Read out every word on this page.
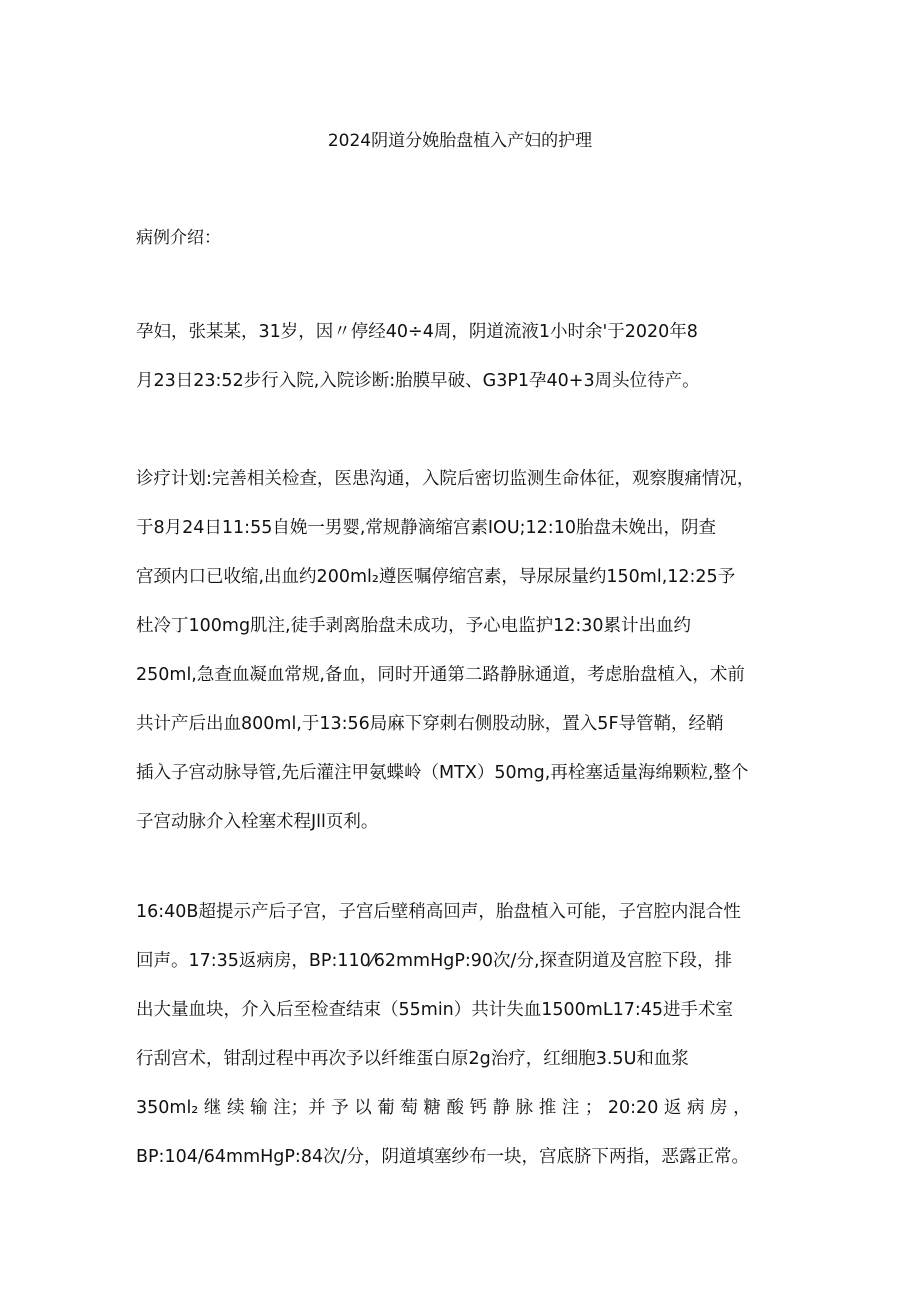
2024阴道分娩胎盘植入产妇的护理
病例介绍：
孕妇，张某某，31岁，因〃停经40÷4周，阴道流液1小时余'于2020年8
月23日23:52步行入院,入院诊断:胎膜早破、G3P1孕40+3周头位待产。
诊疗计划:完善相关检查，医患沟通，入院后密切监测生命体征，观察腹痛情况，
于8月24日11:55自娩一男婴,常规静滴缩宫素IOU;12:10胎盘未娩出，阴查
宫颈内口已收缩,出血约200ml₂遵医嘱停缩宫素，导尿尿量约150ml,12:25予
杜冷丁100mg肌注,徒手剥离胎盘未成功，予心电监护12:30累计出血约
250ml,急查血凝血常规,备血，同时开通第二路静脉通道，考虑胎盘植入，术前
共计产后出血800ml,于13:56局麻下穿刺右侧股动脉，置入5F导管鞘，经鞘
插入子宫动脉导管,先后灌注甲氨蝶岭（MTX）50mg,再栓塞适量海绵颗粒,整个
子宫动脉介入栓塞术程Jll页利。
16:40B超提示产后子宫，子宫后壁稍高回声，胎盘植入可能，子宫腔内混合性
回声。17:35返病房，BP:110⁄62mmHgP:90次/分,探查阴道及宫腔下段，排
出大量血块，介入后至检查结束（55min）共计失血1500mL17:45进手术室
行刮宫术，钳刮过程中再次予以纤维蛋白原2g治疗，红细胞3.5U和血浆
350ml₂ 继 续 输 注；并 予 以 葡 萄 糖 酸 钙 静 脉 推 注 ； 20:20 返 病 房 ，
BP:104/64mmHgP:84次/分，阴道填塞纱布一块，宫底脐下两指，恶露正常。
